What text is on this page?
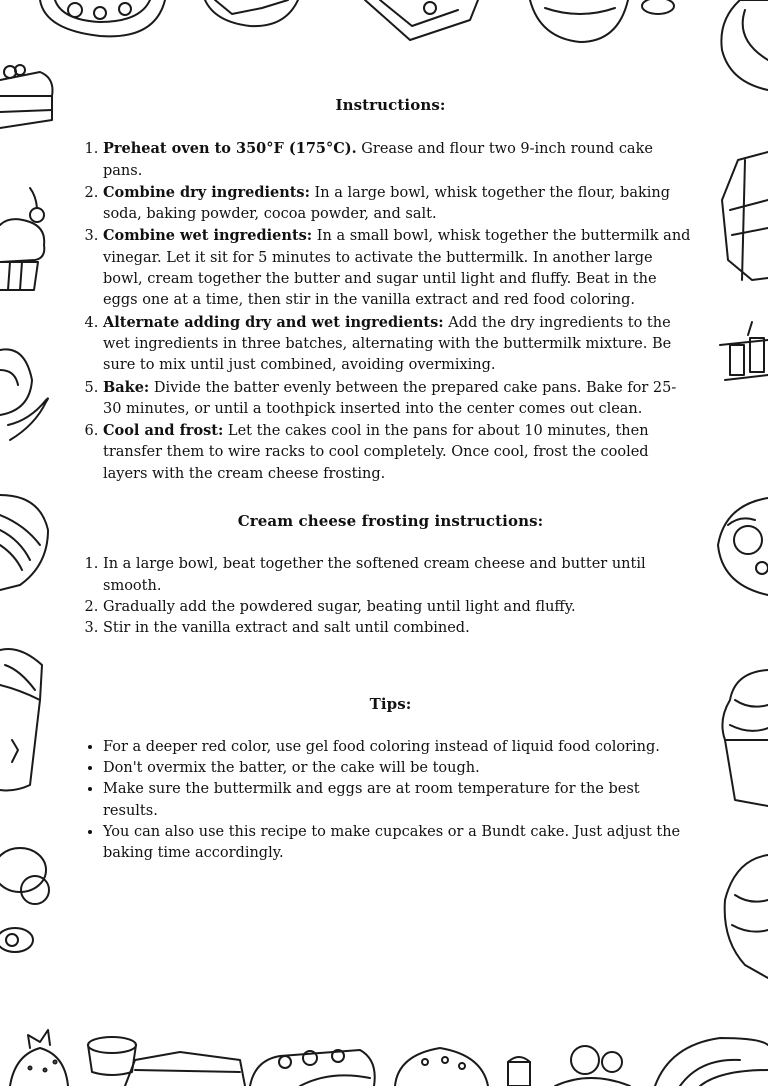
Instructions:
1. Preheat oven to 350°F (175°C). Grease and flour two 9-inch round cake pans.
2. Combine dry ingredients: In a large bowl, whisk together the flour, baking soda, baking powder, cocoa powder, and salt.
3. Combine wet ingredients: In a small bowl, whisk together the buttermilk and vinegar. Let it sit for 5 minutes to activate the buttermilk. In another large bowl, cream together the butter and sugar until light and fluffy. Beat in the eggs one at a time, then stir in the vanilla extract and red food coloring.
4. Alternate adding dry and wet ingredients: Add the dry ingredients to the wet ingredients in three batches, alternating with the buttermilk mixture. Be sure to mix until just combined, avoiding overmixing.
5. Bake: Divide the batter evenly between the prepared cake pans. Bake for 25-30 minutes, or until a toothpick inserted into the center comes out clean.
6. Cool and frost: Let the cakes cool in the pans for about 10 minutes, then transfer them to wire racks to cool completely. Once cool, frost the cooled layers with the cream cheese frosting.
Cream cheese frosting instructions:
1. In a large bowl, beat together the softened cream cheese and butter until smooth.
2. Gradually add the powdered sugar, beating until light and fluffy.
3. Stir in the vanilla extract and salt until combined.
Tips:
• For a deeper red color, use gel food coloring instead of liquid food coloring.
• Don't overmix the batter, or the cake will be tough.
• Make sure the buttermilk and eggs are at room temperature for the best results.
• You can also use this recipe to make cupcakes or a Bundt cake. Just adjust the baking time accordingly.
